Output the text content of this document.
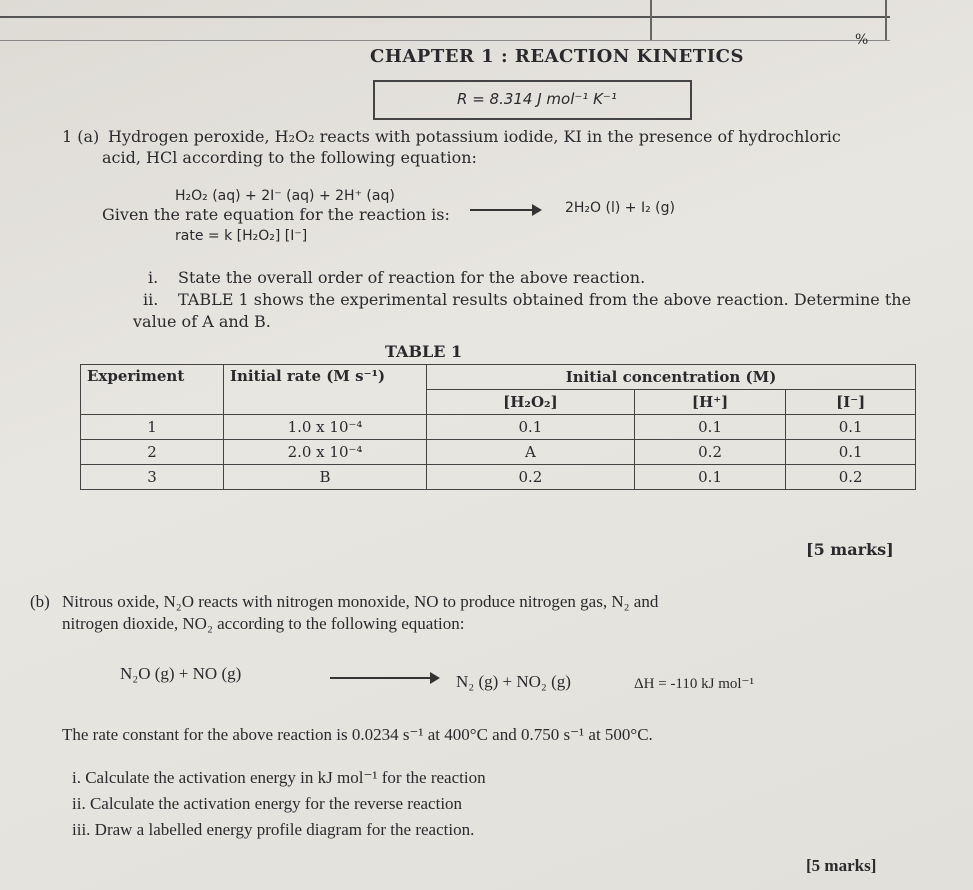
%
CHAPTER 1 : REACTION KINETICS
R = 8.314 J mol⁻¹ K⁻¹
1 (a) Hydrogen peroxide, H₂O₂ reacts with potassium iodide, KI in the presence of hydrochloric
acid, HCl according to the following equation:
H₂O₂ (aq) + 2I⁻ (aq) + 2H⁺ (aq)
2H₂O (l) + I₂ (g)
Given the rate equation for the reaction is:
rate = k [H₂O₂] [I⁻]
i. State the overall order of reaction for the above reaction.
ii. TABLE 1 shows the experimental results obtained from the above reaction. Determine the
value of A and B.
TABLE 1
Experiment	Initial rate (M s⁻¹)	Initial concentration (M)		
		[H₂O₂]	[H⁺]	[I⁻]
1	1.0 x 10⁻⁴	0.1	0.1	0.1
2	2.0 x 10⁻⁴	A	0.2	0.1
3	B	0.2	0.1	0.2
[5 marks]
(b) Nitrous oxide, N₂O reacts with nitrogen monoxide, NO to produce nitrogen gas, N₂ and
nitrogen dioxide, NO₂ according to the following equation:
N₂O (g) + NO (g)	N₂ (g) + NO₂ (g)	ΔH = -110 kJ mol⁻¹
The rate constant for the above reaction is 0.0234 s⁻¹ at 400°C and 0.750 s⁻¹ at 500°C.
i. Calculate the activation energy in kJ mol⁻¹ for the reaction
ii. Calculate the activation energy for the reverse reaction
iii. Draw a labelled energy profile diagram for the reaction.
[5 marks]
